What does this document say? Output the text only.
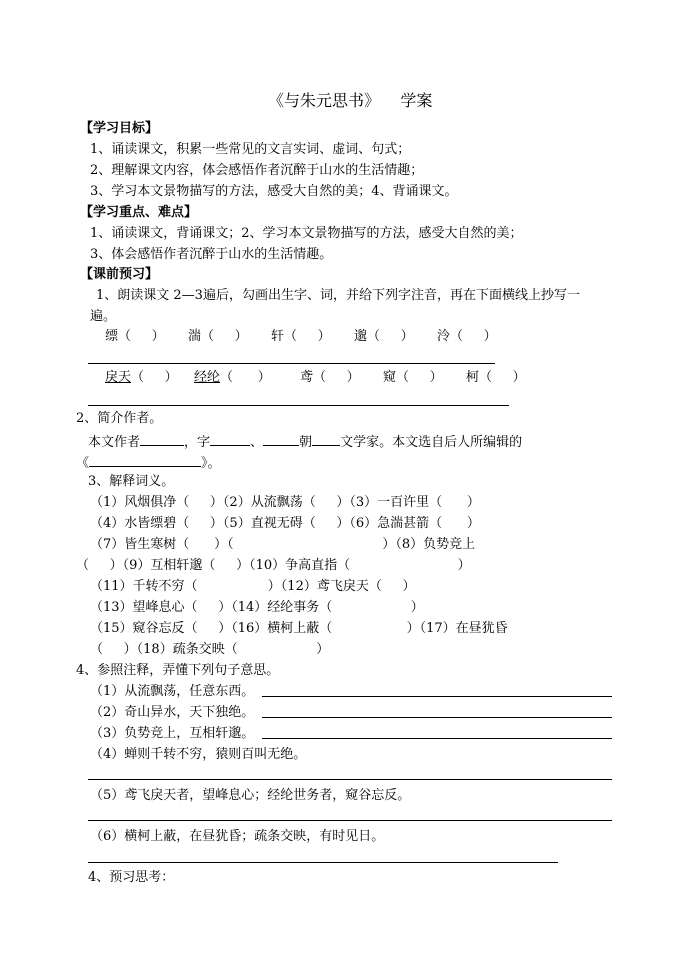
《与朱元思书》    学案
【学习目标】
1、诵读课文，积累一些常见的文言实词、虚词、句式；
2、理解课文内容，体会感悟作者沉醉于山水的生活情趣；
3、学习本文景物描写的方法，感受大自然的美；4、背诵课文。
【学习重点、难点】
1、诵读课文，背诵课文；2、学习本文景物描写的方法，感受大自然的美；
3、体会感悟作者沉醉于山水的生活情趣。
【课前预习】
1、朗读课文 2—3遍后，勾画出生字、词，并给下列字注音，再在下面横线上抄写一
遍。
缥（     ） 湍（     ） 轩（     ） 邈（     ） 泠（     ）
戾天（     ） 经纶（      ） 鸢（     ） 窥（     ） 柯（     ）
2、简介作者。
本文作者	，字	、	朝 文学家。本文选自后人所编辑的
《	》。
3、解释词义。
（1）风烟俱净（     ）（2）从流飘荡（     ）（3）一百许里（      ）
（4）水皆缥碧（     ）（5）直视无碍（     ）（6）急湍甚箭（      ）
（7）皆生寒树（      ）（                                    ）（8）负势竞上
（     ）（9）互相轩邈（     ）（10）争高直指（                          ）
（11）千转不穷（                 ）（12）鸢飞戾天（     ）
（13）望峰息心（     ）（14）经纶事务（                   ）
（15）窥谷忘反（     ）（16）横柯上蔽（                  ）（17）在昼犹昏
（     ）（18）疏条交映（                   ）
4、参照注释，弄懂下列句子意思。
（1）从流飘荡，任意东西。
（2）奇山异水，天下独绝。
（3）负势竞上，互相轩邈。
（4）蝉则千转不穷，猿则百叫无绝。
（5）鸢飞戾天者，望峰息心；经纶世务者，窥谷忘反。
（6）横柯上蔽，在昼犹昏；疏条交映，有时见日。
4、预习思考：
